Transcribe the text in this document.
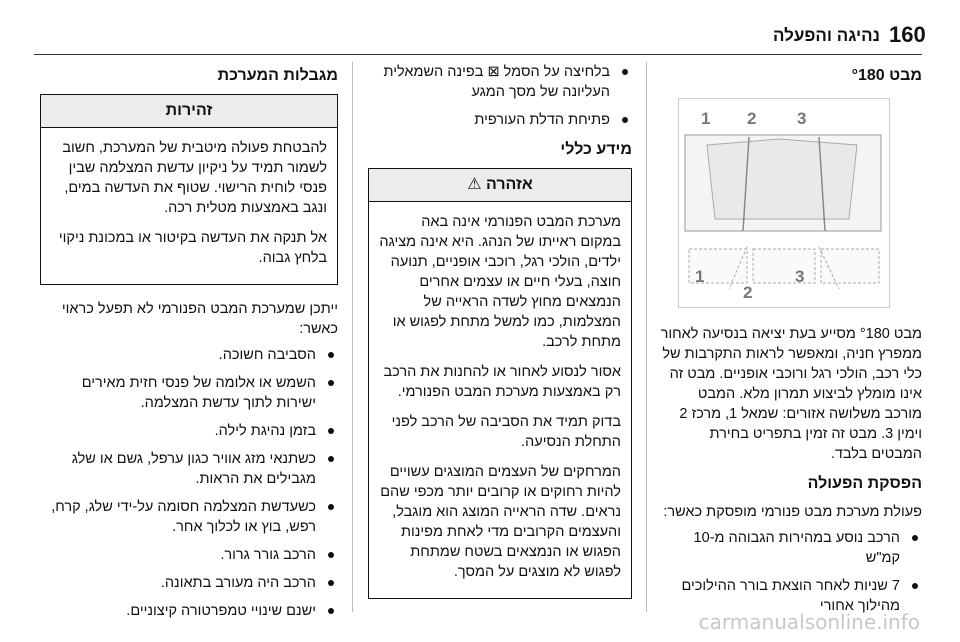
160
נהיגה והפעלה
מבט °180
1 2 3
1
2
3

מבט °180 מסייע בעת יציאה בנסיעה לאחור ממפרץ חניה, ומאפשר לראות התקרבות של כלי רכב, הולכי רגל ורוכבי אופניים. מבט זה אינו מומלץ לביצוע תמרון מלא. המבט מורכב משלושה אזורים: שמאל 1, מרכז 2 וימין 3. מבט זה זמין בתפריט בחירת המבטים בלבד.

הפסקת הפעולה

פעולת מערכת מבט פנורמי מופסקת כאשר:

הרכב נוסע במהירות הגבוהה מ-10 קמ"ש
7 שניות לאחר הוצאת בורר ההילוכים מהילוך אחורי
בלחיצה על הסמל ⊠ בפינה השמאלית העליונה של מסך המגע
פתיחת הדלת העורפית
מידע כללי
אזהרה ⚠

מערכת המבט הפנורמי אינה באה במקום ראייתו של הנהג. היא אינה מציגה ילדים, הולכי רגל, רוכבי אופניים, תנועה חוצה, בעלי חיים או עצמים אחרים הנמצאים מחוץ לשדה הראייה של המצלמות, כמו למשל מתחת לפגוש או מתחת לרכב.

אסור לנסוע לאחור או להחנות את הרכב רק באמצעות מערכת המבט הפנורמי.

בדוק תמיד את הסביבה של הרכב לפני התחלת הנסיעה.

המרחקים של העצמים המוצגים עשויים להיות רחוקים או קרובים יותר מכפי שהם נראים. שדה הראייה המוצג הוא מוגבל, והעצמים הקרובים מדי לאחת מפינות הפגוש או הנמצאים בשטח שמתחת לפגוש לא מוצגים על המסך.

מגבלות המערכת
זהירות

להבטחת פעולה מיטבית של המערכת, חשוב לשמור תמיד על ניקיון עדשת המצלמה שבין פנסי לוחית הרישוי. שטוף את העדשה במים, ונגב באמצעות מטלית רכה.

אל תנקה את העדשה בקיטור או במכונת ניקוי בלחץ גבוה.

ייתכן שמערכת המבט הפנורמי לא תפעל כראוי כאשר:

הסביבה חשוכה.
השמש או אלומה של פנסי חזית מאירים ישירות לתוך עדשת המצלמה.
בזמן נהיגת לילה.
כשתנאי מזג אוויר כגון ערפל, גשם או שלג מגבילים את הראות.
כשעדשת המצלמה חסומה על-ידי שלג, קרח, רפש, בוץ או לכלוך אחר.
הרכב גורר גרור.
הרכב היה מעורב בתאונה.
ישנם שינויי טמפרטורה קיצוניים.	carmanualsonline.info
